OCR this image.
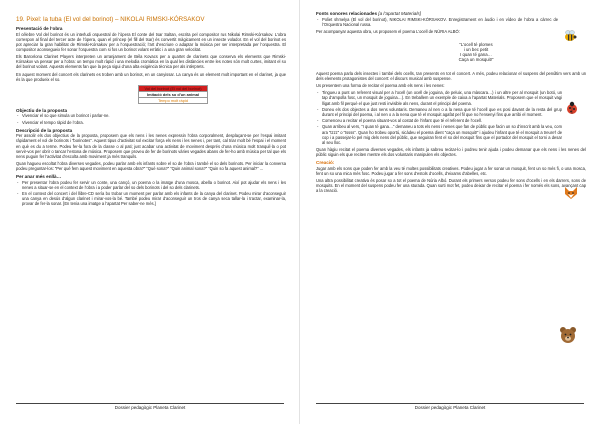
19. Pixel: la tuba (El vol del borinot) – NIKOLAI RIMSKI-KÓRSAKOV
Presentació de l’obra

El célebre Vol del borinot és un interludi orquestral de l’òpera El conte del tsar Saltan, escrita pel compositor rus Nikolai Rimski-Kórsakov. L’obra correspon al final del tercer acte de l’òpera, quan el príncep (el fill del tsar) és convertit màgicament en un insecte volador. En el vol del borinot es pot apreciar la gran habilitat de Rimski-Kórsakov per a l’orquestració; l’art d’escriure o adaptar la música per ser interpretada per l’orquestra. El compositor aconsegueix fer sonar l’orquestra com si fos un borinot volant erràtic i a una gran velocitat.

Els Barcelona Clarinet Players interpreten un arranjament de Béla Kovacs per a quartet de clarinets que conserva els elements que Rimski-Kórsakov va pensar per a l’obra: un tempo molt ràpid i una melodia cromàtica en la qual les distàncies entre les notes són molt curtes, imitant el so del borinot volant. Aquests elements fan que la peça sigui d’una alta exigència tècnica per als intèrprets.

En aquest moment del concert els clarinets es troben amb un borinot, en un canyissar. La canya és un element molt important en el clarinet, ja que és la que produeix el so.

Vol del borinot (El vol del borinot)
Imitació dels so d’un animal
Tempo molt ràpid
Objectiu de la proposta
- Vivenciar el so que simula un borinot i parlar-ne.
- Vivenciar el tempo ràpid de l’obra.
Descripció de la proposta

Per assolir els dos objectius de la proposta, proposem que els nens i les nenes expressin l’obra corporalment, desplaçant-se per l’espai imitant ràpidament el vol de borinots i “borinotes”. Aquest tipus d’activitat sol excitar força els nens i les nenes i, per tant, cal triar molt bé l’espai i el moment en què es du a terme. Podeu fer-la fora de la classe o al pati; just acabar una activitat de moviment després d’una música molt tranquil·la o pot servir-vos per obrir o tancar l’estona de música. Proposem que proveu de fer de borinots vàries vegades abans de fer-ho amb música per tal que els nens puguin fer l’activitat d’escolta amb moviment ja més tranquils.

Quan hagueu escoltat l’obra diverses vegades, podeu parlar amb els infants sobre el so de l’obra i també el so dels borinots. Per iniciar la conversa podeu preguntar-los: “Per què fem aquest moviment en aquesta obra?” “Què sona?” “Quin animal sona?” “Quin so fa aquest animal?” ...

Per anar més enllà…
- Per presentar l’obra podeu fer servir un conte, una cançó, un poema o la imatge d’una mosca, abella o borinot. Així pot ajudar els nens i les nenes a situar-se en el context de l’obra i a poder parlar del so dels borinots i del so dels clarinets.
- En el context del concert i del llibre-CD sería bo trobar un moment per parlar amb els infants de la canya del clarinet. Podeu mirar d’aconseguir una canya en desús d’algun clarinet i mirar-vos-la bé. També podeu mirar d’aconseguir un tros de canya seca tallar-la i tractar, examinar-la, provar de fer-la sonar. [En tenia una imatge a l’apartat Per saber-ne més.]
Dossier pedagògic Planeta Clarinet
Fonts sonores relacionades [a l’apartat Materials]
- Poliet shmelya (El vol del borinot), NIKOLAI RIMSKI-KÓRSAKOV. Enregistrament en àudio i en vídeo de l’obra a càrrec de l’Orquestra Nacional russa.

Per acompanyar aquesta obra, us proposem el poema L’ocell de NÚRIA ALBÓ:

“L’ocell té plomes
i un bec petit
I quan té gana…
Caça un mosquit!”

Aquest poema parla dels insectes i també dels ocells, tan presents en tot el concert. A més, podeu relacionar el suspens del penúltim vers amb un dels elements protagonistes del concert: el discurs musical amb suspense.

Us presentem una forma de recitar el poema amb els nens i les nenes:

- Tingueu a punt un referent visual per a l’ocell (un ocell de joguina, de peluix, una màscara…) i un altre per al mosquit (un botó, un tap d’ampolla fosc, un mosquit de joguina…). En treballem un exemple de caixa a l’apartat Materials. Proposem que el mosquit vagi lligat amb fil perquè el que just resti invisible als nens, durant el principi del poema.
- Doneu els dos objectes a dos nens voluntaris. Demaneu al nen o a la nena que té l’ocell que es posi davant de la resta del grup durant el principi del poema, i al nen o a la nena que té el mosquit agafat pel fil que no l’ensenyi fins que arribi el moment.
- Comenceu a recitar el poema situant-vos al costat de l’infant que té el referent de l’ocell.
- Quan arribeu al vers, “I quan té gana…” demaneu a tots els nens i nenes que fan de públic que facin un so d’inscrit amb la veu, com ara “tzzz” o “tssss”. Quan ho trobeu oportú, sicàdeu el poema dient “caça un mosquit!” i ajudeu l’infant que té el mosquit a treure’l de cop i a passejar-lo pel mig dels nens del públic, que seguiran fent el so del mosquit fins que el portador del mosquit el torni a desar al seu lloc.

Quan hàgiu recitat el poema diverses vegades, els infants ja sabreu recitar-lo i podreu tenir ajuda i podeu demanar que els nens i les nenes del públic siguin els que reciten mentre els dos voluntaris manipulen els objectes.

Creació:

Jugar amb els sons que poden fer amb la veu té moltes possibilitats creatives. Podeu jugar a fer sonar un mosquit, fent un so més fi, o una mosca, fent un so una mica més fosc. Podeu jugar a fer sons d’estols d’ocells, d’eixams d’abelles, etc.

Una altra possibilitat creativa és posar so a tot el poema de Núria Albó. Durant els primers versos podeu fer sons d’ocells i en els darrers, sons de mosquits. En el moment del suspens podeu fer una sturada. Quan surti mot fet, podeu deixar de recitar el poema i fer només els sons, avançant cap a la creació.

Dossier pedagògic Planeta Clarinet
